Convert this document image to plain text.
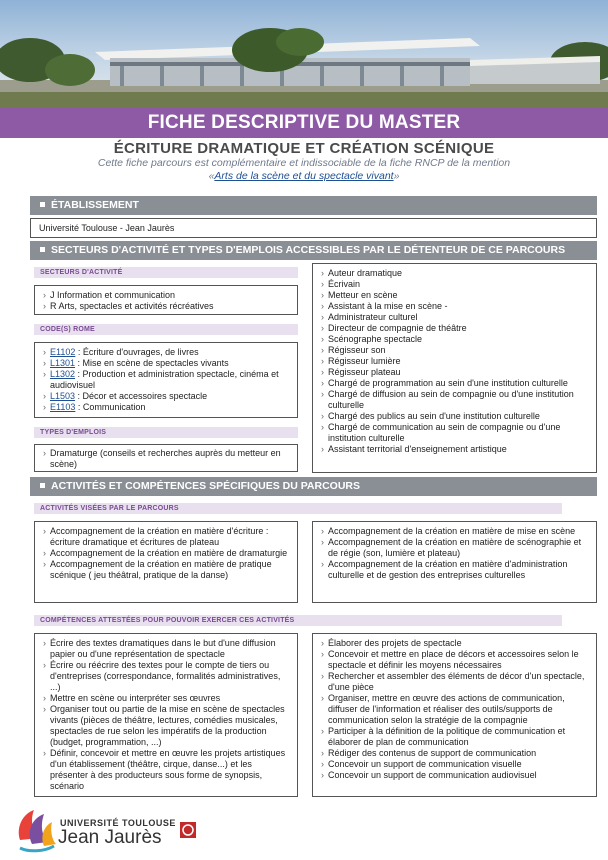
FICHE DESCRIPTIVE DU MASTER
ÉCRITURE DRAMATIQUE ET CRÉATION SCÉNIQUE
Cette fiche parcours est complémentaire et indissociable de la fiche RNCP de la mention
«Arts de la scène et du spectacle vivant»
ÉTABLISSEMENT
Université Toulouse - Jean Jaurès
SECTEURS D'ACTIVITÉ ET TYPES D'EMPLOIS ACCESSIBLES PAR LE DÉTENTEUR DE CE PARCOURS
SECTEURS D'ACTIVITÉ
› J Information et communication
› R Arts, spectacles et activités récréatives
CODE(S) ROME
› E1102 : Écriture d'ouvrages, de livres
› L1301 : Mise en scène de spectacles vivants
› L1302 : Production et administration spectacle, cinéma et audiovisuel
› L1503 : Décor et accessoires spectacle
› E1103 : Communication
TYPES D'EMPLOIS
› Dramaturge (conseils et recherches auprès du metteur en scène)
› Auteur dramatique
› Écrivain
› Metteur en scène
› Assistant à la mise en scène -
› Administrateur culturel
› Directeur de compagnie de théâtre
› Scénographe spectacle
› Régisseur son
› Régisseur lumière
› Régisseur plateau
› Chargé de programmation au sein d'une institution culturelle
› Chargé de diffusion au sein de compagnie ou d'une institution culturelle
› Chargé des publics au sein d'une institution culturelle
› Chargé de communication au sein de compagnie ou d'une institution culturelle
› Assistant territorial d'enseignement artistique
ACTIVITÉS ET COMPÉTENCES SPÉCIFIQUES DU PARCOURS
ACTIVITÉS VISÉES PAR LE PARCOURS
› Accompagnement de la création en matière d'écriture : écriture dramatique et écritures de plateau
› Accompagnement de la création en matière de dramaturgie
› Accompagnement de la création en matière de pratique scénique ( jeu théâtral, pratique de la danse)
› Accompagnement de la création en matière de mise en scène
› Accompagnement de la création en matière de scénographie et de régie (son, lumière et plateau)
› Accompagnement de la création en matière d'administration culturelle et de gestion des entreprises culturelles
COMPÉTENCES ATTESTÉES POUR POUVOIR EXERCER CES ACTIVITÉS
› Écrire des textes dramatiques dans le but d'une diffusion papier ou d'une représentation de spectacle
› Écrire ou réécrire des textes pour le compte de tiers ou d'entreprises (correspondance, formalités administratives, ...)
› Mettre en scène ou interpréter ses œuvres
› Organiser tout ou partie de la mise en scène de spectacles vivants (pièces de théâtre, lectures, comédies musicales, spectacles de rue selon les impératifs de la production (budget, programmation, ...)
› Définir, concevoir et mettre en œuvre les projets artistiques d'un établissement (théâtre, cirque, danse...) et les présenter à des producteurs sous forme de synopsis, scénario
› Élaborer des projets de spectacle
› Concevoir et mettre en place de décors et accessoires selon le spectacle et définir les moyens nécessaires
› Rechercher et assembler des éléments de décor d'un spectacle, d'une pièce
› Organiser, mettre en œuvre des actions de communication, diffuser de l'information et réaliser des outils/supports de communication selon la stratégie de la compagnie
› Participer à la définition de la politique de communication et élaborer de plan de communication
› Rédiger des contenus de support de communication
› Concevoir un support de communication visuelle
› Concevoir un support de communication audiovisuel
UNIVERSITÉ TOULOUSE
Jean Jaurès
